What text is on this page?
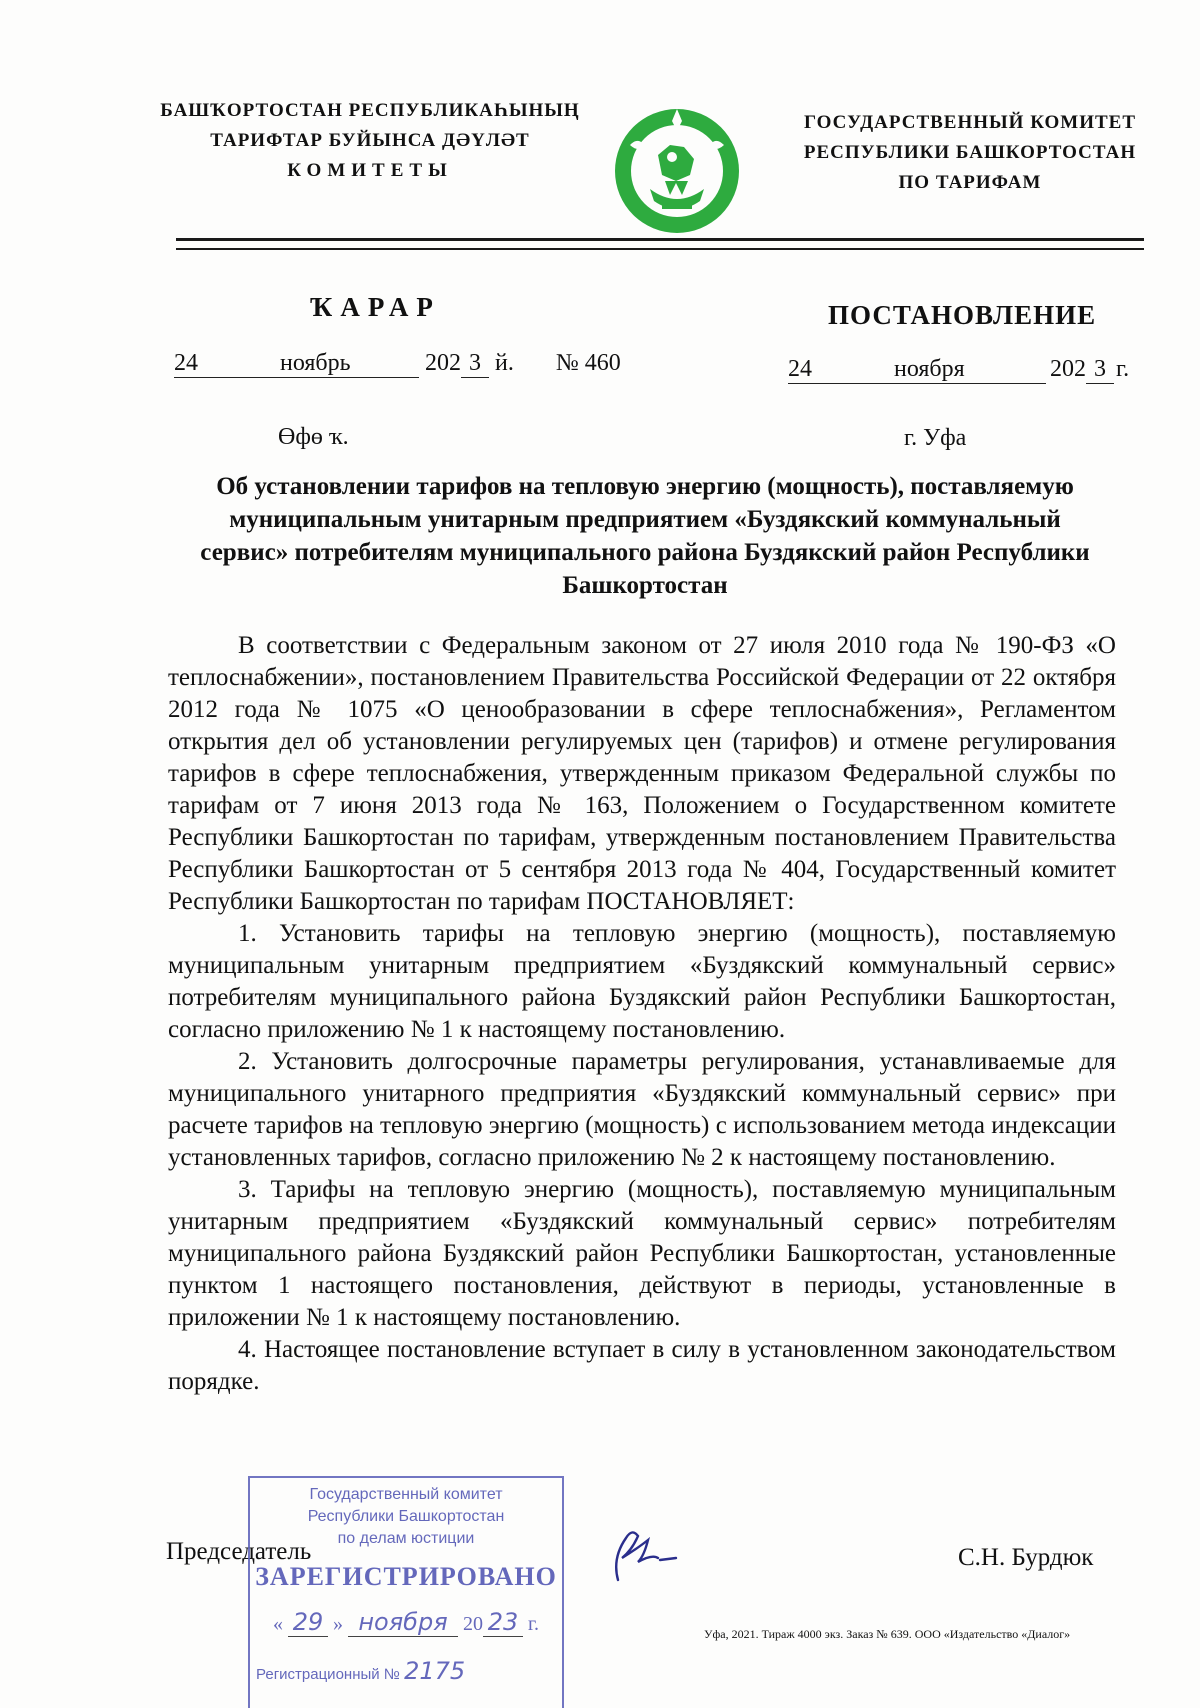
БАШҠОРТОСТАН РЕСПУБЛИКАҺЫНЫҢ
ТАРИФТАР БУЙЫНСА ДӘҮЛӘТ
КОМИТЕТЫ
ГОСУДАРСТВЕННЫЙ КОМИТЕТ
РЕСПУБЛИКИ БАШКОРТОСТАН
ПО ТАРИФАМ
ҠАРАР	ПОСТАНОВЛЕНИЕ
24	ноябрь	202 3 й. № 460	24	ноября	202 3 г.
Өфө ҡ.	г. Уфа
Об установлении тарифов на тепловую энергию (мощность), поставляемую муниципальным унитарным предприятием «Буздякский коммунальный сервис» потребителям муниципального района Буздякский район Республики Башкортостан

В соответствии с Федеральным законом от 27 июля 2010 года № 190-ФЗ «О теплоснабжении», постановлением Правительства Российской Федерации от 22 октября 2012 года № 1075 «О ценообразовании в сфере теплоснабжения», Регламентом открытия дел об установлении регулируемых цен (тарифов) и отмене регулирования тарифов в сфере теплоснабжения, утвержденным приказом Федеральной службы по тарифам от 7 июня 2013 года № 163, Положением о Государственном комитете Республики Башкортостан по тарифам, утвержденным постановлением Правительства Республики Башкортостан от 5 сентября 2013 года № 404, Государственный комитет Республики Башкортостан по тарифам ПОСТАНОВЛЯЕТ:

1. Установить тарифы на тепловую энергию (мощность), поставляемую муниципальным унитарным предприятием «Буздякский коммунальный сервис» потребителям муниципального района Буздякский район Республики Башкортостан, согласно приложению № 1 к настоящему постановлению.

2. Установить долгосрочные параметры регулирования, устанавливаемые для муниципального унитарного предприятия «Буздякский коммунальный сервис» при расчете тарифов на тепловую энергию (мощность) с использованием метода индексации установленных тарифов, согласно приложению № 2 к настоящему постановлению.

3. Тарифы на тепловую энергию (мощность), поставляемую муниципальным унитарным предприятием «Буздякский коммунальный сервис» потребителям муниципального района Буздякский район Республики Башкортостан, установленные пунктом 1 настоящего постановления, действуют в периоды, установленные в приложении № 1 к настоящему постановлению.

4. Настоящее постановление вступает в силу в установленном законодательством порядке.

Председатель	С.Н. Бурдюк
Государственный комитет
Республики Башкортостан
по делам юстиции
ЗАРЕГИСТРИРОВАНО
« 29 » ноября 20 23 г.
Регистрационный № 2175
Уфа, 2021. Тираж 4000 экз. Заказ № 639. ООО «Издательство «Диалог»
